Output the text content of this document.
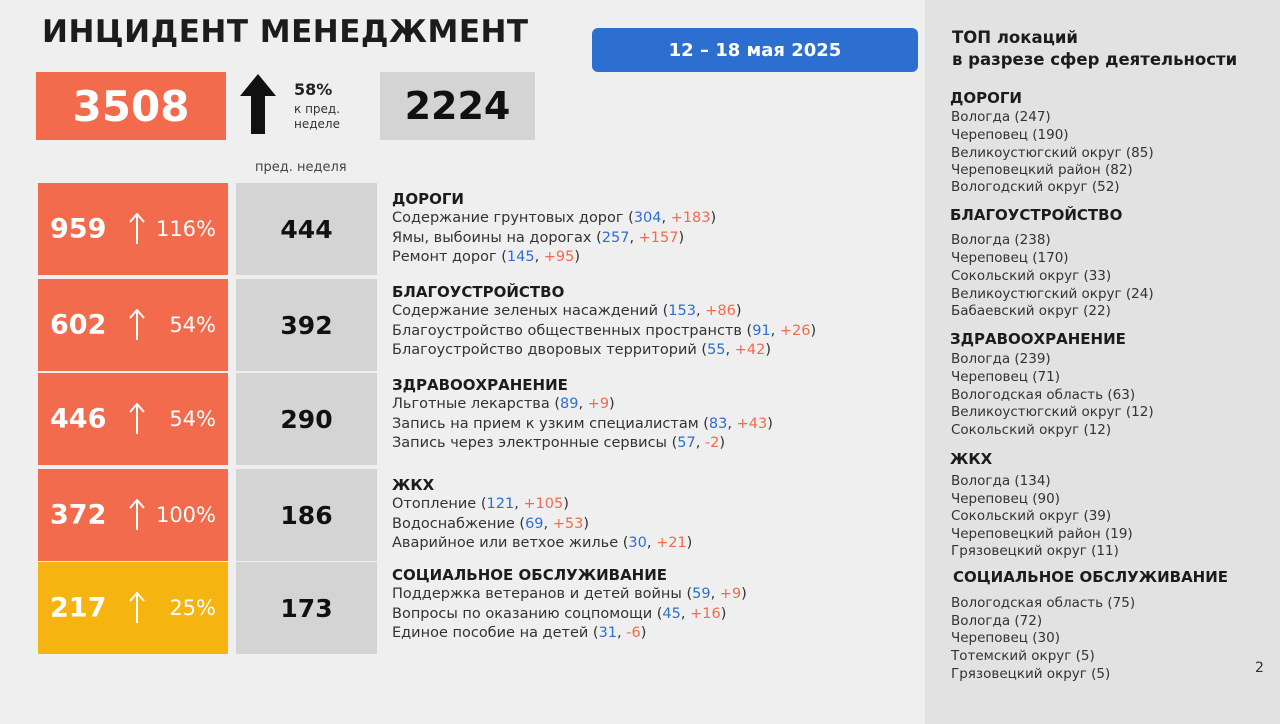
ИНЦИДЕНТ МЕНЕДЖМЕНТ	12 – 18 мая 2025
3508	58%
к пред. неделе	2224
пред. неделя
959 116%	444
ДОРОГИ
Содержание грунтовых дорог (304, +183)
Ямы, выбоины на дорогах (257, +157)
Ремонт дорог (145, +95)
602	54%	392
БЛАГОУСТРОЙСТВО
Содержание зеленых насаждений (153, +86)
Благоустройство общественных пространств (91, +26)
Благоустройство дворовых территорий (55, +42)
446	54%	290
ЗДРАВООХРАНЕНИЕ
Льготные лекарства (89, +9)
Запись на прием к узким специалистам (83, +43)
Запись через электронные сервисы (57, -2)
372 100%	186
ЖКХ
Отопление (121, +105)
Водоснабжение (69, +53)
Аварийное или ветхое жилье (30, +21)
217	25%	173
СОЦИАЛЬНОЕ ОБСЛУЖИВАНИЕ
Поддержка ветеранов и детей войны (59, +9)
Вопросы по оказанию соцпомощи (45, +16)
Единое пособие на детей (31, -6)
ТОП локаций
в разрезе сфер деятельности
ДОРОГИ
Вологда (247)
Череповец (190)
Великоустюгский округ (85)
Череповецкий район (82)
Вологодский округ (52)
БЛАГОУСТРОЙСТВО
Вологда (238)
Череповец (170)
Сокольский округ (33)
Великоустюгский округ (24)
Бабаевский округ (22)
ЗДРАВООХРАНЕНИЕ
Вологда (239)
Череповец (71)
Вологодская область (63)
Великоустюгский округ (12)
Сокольский округ (12)
ЖКХ
Вологда (134)
Череповец (90)
Сокольский округ (39)
Череповецкий район (19)
Грязовецкий округ (11)
СОЦИАЛЬНОЕ ОБСЛУЖИВАНИЕ
Вологодская область (75)
Вологда (72)
Череповец (30)
Тотемский округ (5)
Грязовецкий округ (5)	2
